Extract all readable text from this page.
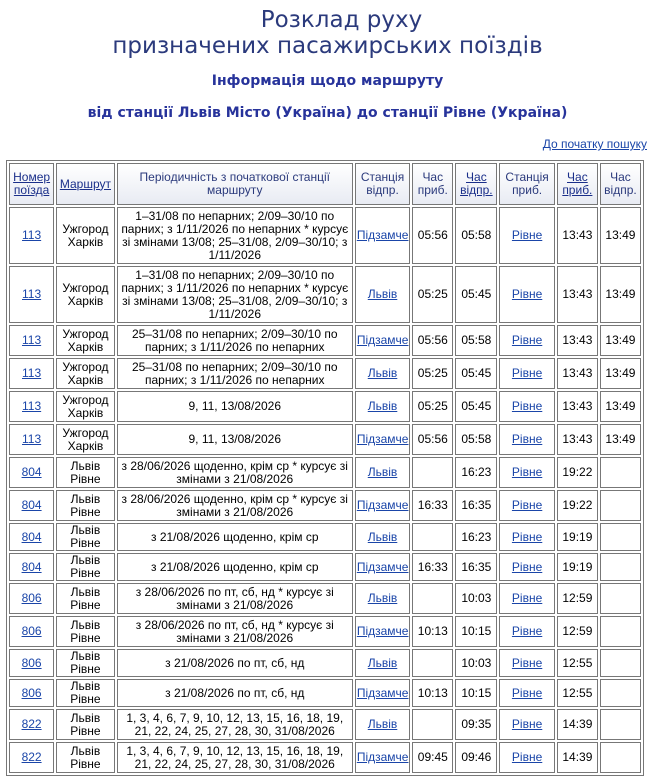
Розклад руху
призначених пасажирських поїздів
Інформація щодо маршруту
від станції Львів Місто (Україна) до станції Рівне (Україна)
До початку пошуку
Номер поїзда	Маршрут	Періодичність з початкової станції маршруту	Станція відпр.	Час приб.	Час відпр.	Станція приб.	Час приб.	Час відпр.
113	Ужгород Харків	1–31/08 по непарних; 2/09–30/10 по парних; з 1/11/2026 по непарних * курсує зі змінами 13/08; 25–31/08, 2/09–30/10; з 1/11/2026	Підзамче	05:56	05:58	Рівне	13:43	13:49
113	Ужгород Харків	1–31/08 по непарних; 2/09–30/10 по парних; з 1/11/2026 по непарних * курсує зі змінами 13/08; 25–31/08, 2/09–30/10; з 1/11/2026	Львів	05:25	05:45	Рівне	13:43	13:49
113	Ужгород Харків	25–31/08 по непарних; 2/09–30/10 по парних; з 1/11/2026 по непарних	Підзамче	05:56	05:58	Рівне	13:43	13:49
113	Ужгород Харків	25–31/08 по непарних; 2/09–30/10 по парних; з 1/11/2026 по непарних	Львів	05:25	05:45	Рівне	13:43	13:49
113	Ужгород Харків	9, 11, 13/08/2026	Львів	05:25	05:45	Рівне	13:43	13:49
113	Ужгород Харків	9, 11, 13/08/2026	Підзамче	05:56	05:58	Рівне	13:43	13:49
804	Львів Рівне	з 28/06/2026 щоденно, крім ср * курсує зі змінами з 21/08/2026	Львів		16:23	Рівне	19:22	
804	Львів Рівне	з 28/06/2026 щоденно, крім ср * курсує зі змінами з 21/08/2026	Підзамче	16:33	16:35	Рівне	19:22	
804	Львів Рівне	з 21/08/2026 щоденно, крім ср	Львів		16:23	Рівне	19:19	
804	Львів Рівне	з 21/08/2026 щоденно, крім ср	Підзамче	16:33	16:35	Рівне	19:19	
806	Львів Рівне	з 28/06/2026 по пт, сб, нд * курсує зі змінами з 21/08/2026	Львів		10:03	Рівне	12:59	
806	Львів Рівне	з 28/06/2026 по пт, сб, нд * курсує зі змінами з 21/08/2026	Підзамче	10:13	10:15	Рівне	12:59	
806	Львів Рівне	з 21/08/2026 по пт, сб, нд	Львів		10:03	Рівне	12:55	
806	Львів Рівне	з 21/08/2026 по пт, сб, нд	Підзамче	10:13	10:15	Рівне	12:55	
822	Львів Рівне	1, 3, 4, 6, 7, 9, 10, 12, 13, 15, 16, 18, 19, 21, 22, 24, 25, 27, 28, 30, 31/08/2026	Львів		09:35	Рівне	14:39	
822	Львів Рівне	1, 3, 4, 6, 7, 9, 10, 12, 13, 15, 16, 18, 19, 21, 22, 24, 25, 27, 28, 30, 31/08/2026	Підзамче	09:45	09:46	Рівне	14:39	
